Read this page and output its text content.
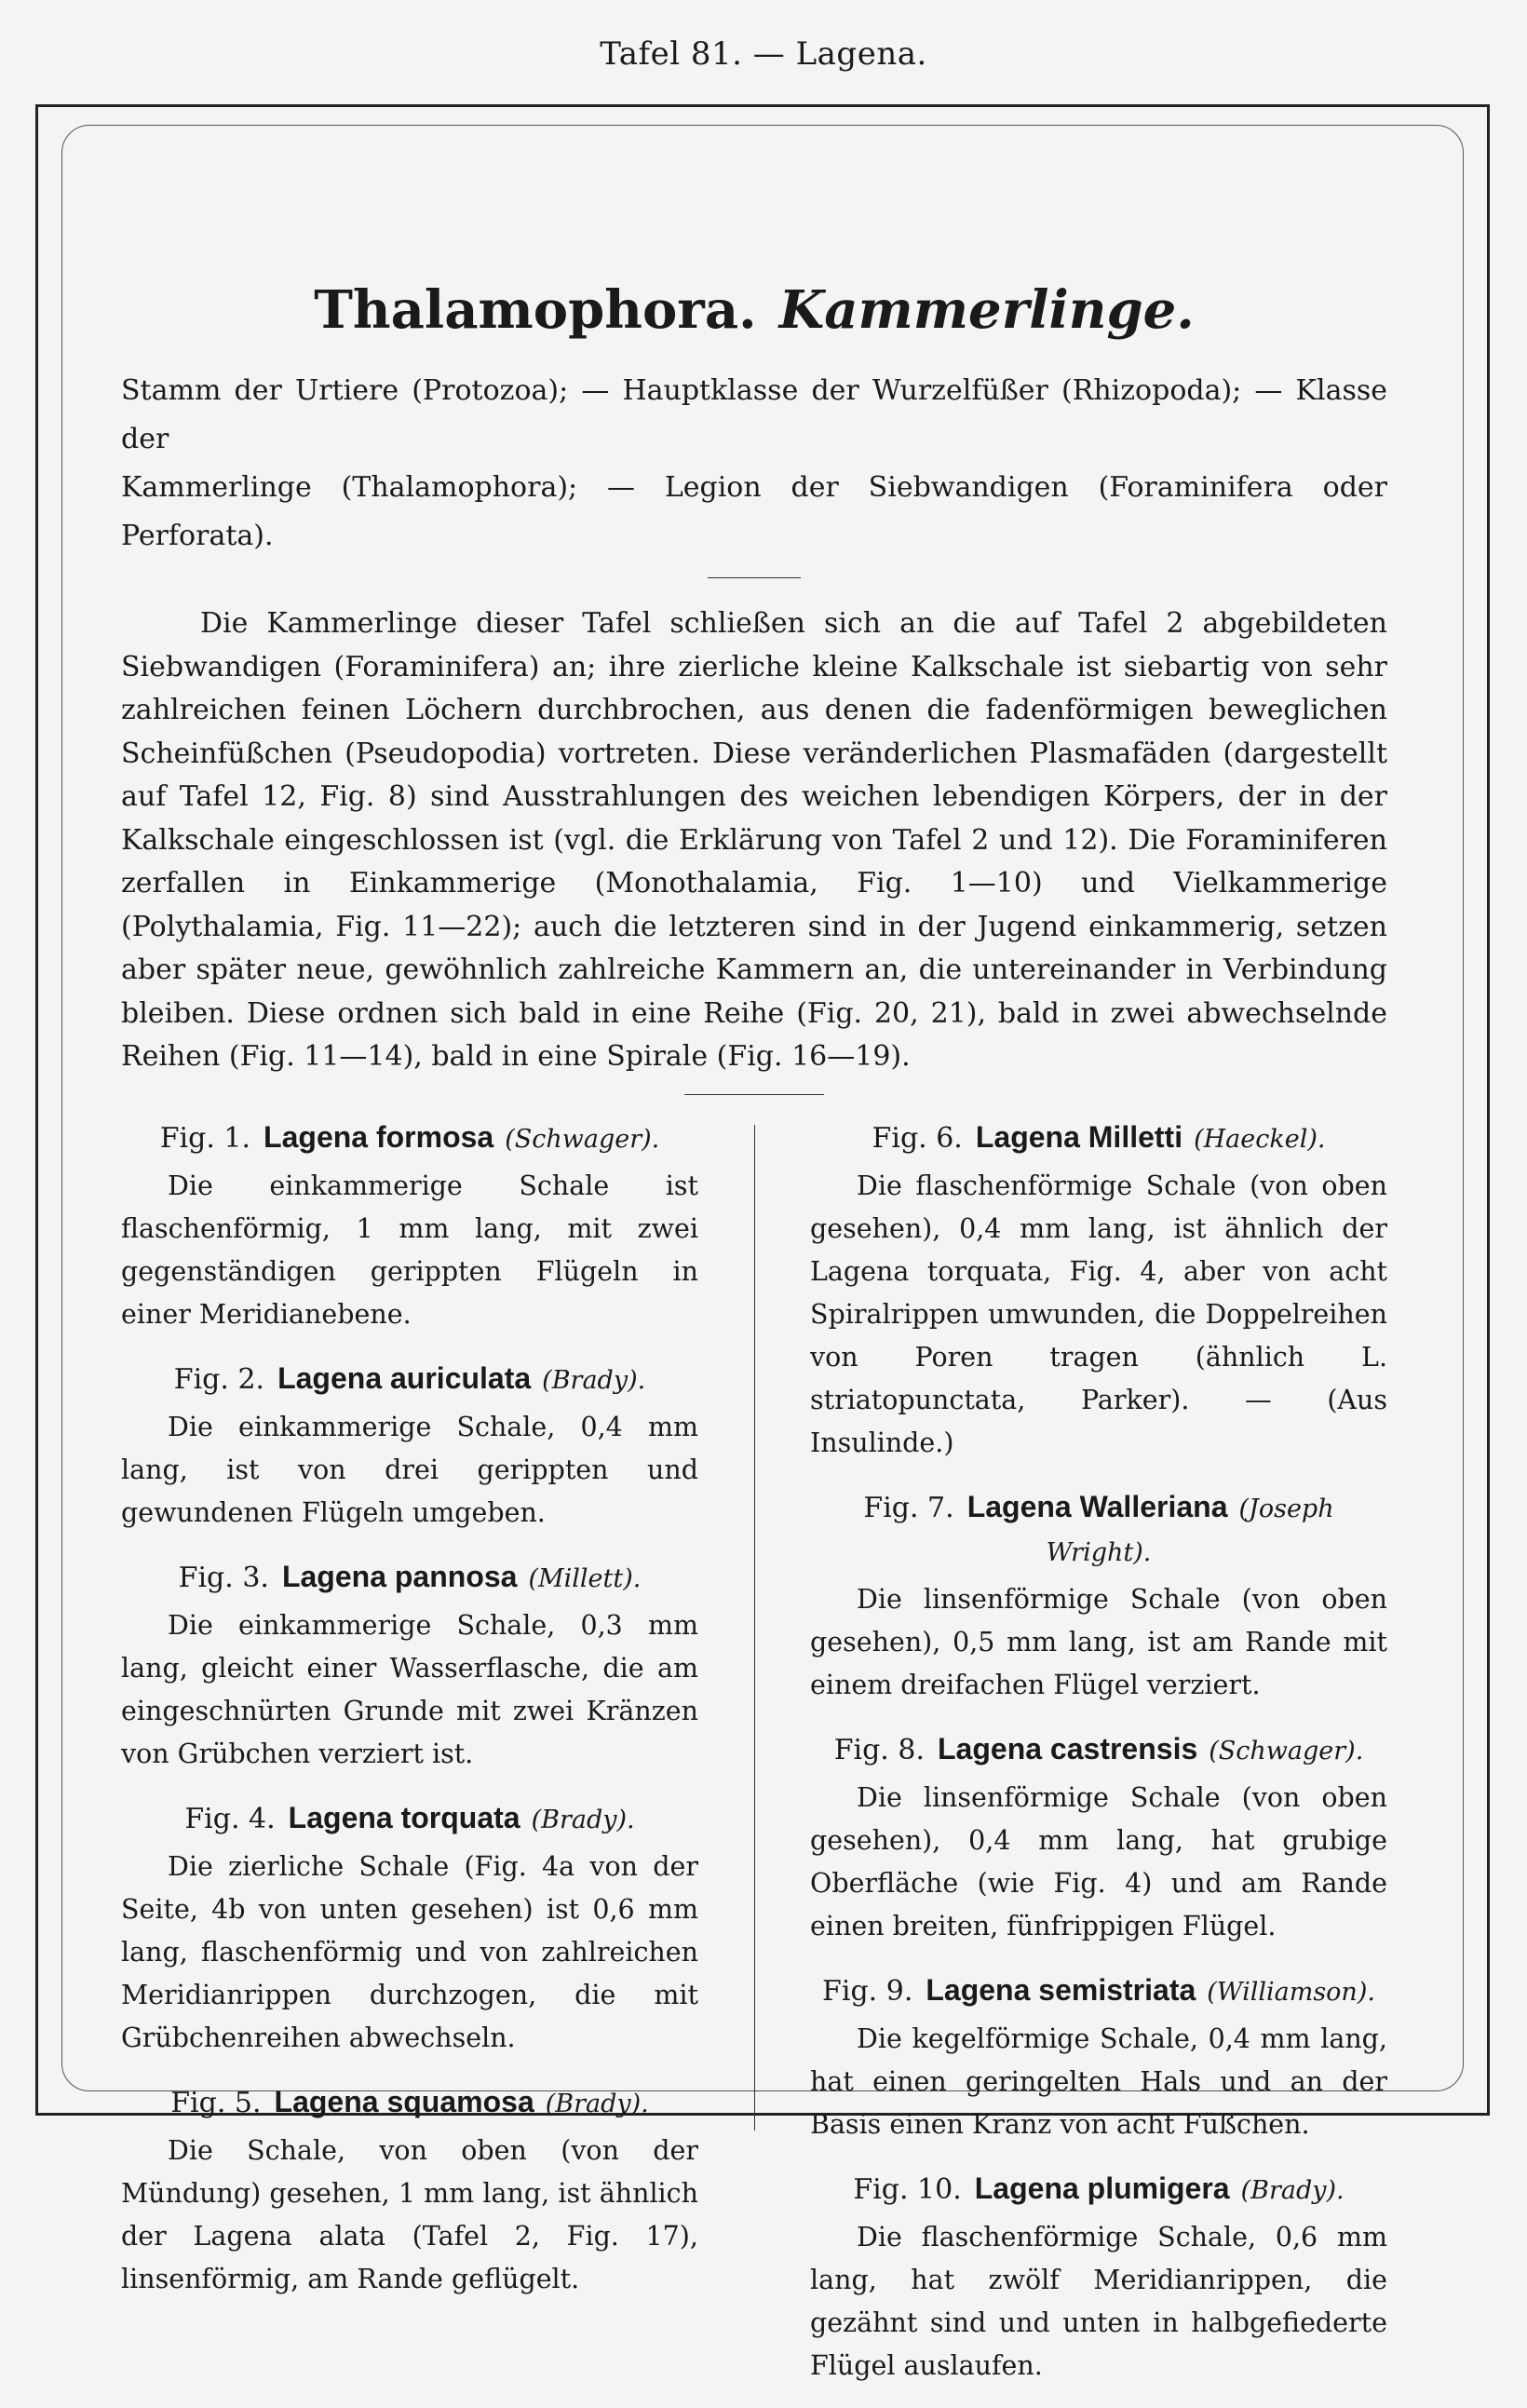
Tafel 81. — Lagena.
Thalamophora. Kammerlinge.
Stamm der Urtiere (Protozoa); — Hauptklasse der Wurzelfüßer (Rhizopoda); — Klasse der
Kammerlinge (Thalamophora); — Legion der Siebwandigen (Foraminifera oder Perforata).

Die Kammerlinge dieser Tafel schließen sich an die auf Tafel 2 abgebildeten Siebwandigen (Foraminifera) an; ihre zierliche kleine Kalkschale ist siebartig von sehr zahlreichen feinen Löchern durchbrochen, aus denen die fadenförmigen beweglichen Scheinfüßchen (Pseudopodia) vortreten. Diese veränderlichen Plasmafäden (dargestellt auf Tafel 12, Fig. 8) sind Ausstrahlungen des weichen lebendigen Körpers, der in der Kalkschale eingeschlossen ist (vgl. die Erklärung von Tafel 2 und 12). Die Foraminiferen zerfallen in Einkammerige (Monothalamia, Fig. 1—10) und Vielkammerige (Polythalamia, Fig. 11—22); auch die letzteren sind in der Jugend einkammerig, setzen aber später neue, gewöhnlich zahlreiche Kammern an, die untereinander in Verbindung bleiben. Diese ordnen sich bald in eine Reihe (Fig. 20, 21), bald in zwei abwechselnde Reihen (Fig. 11—14), bald in eine Spirale (Fig. 16—19).

Fig. 1. Lagena formosa (Schwager).

Die einkammerige Schale ist flaschenförmig, 1 mm lang, mit zwei gegenständigen gerippten Flügeln in einer Meridianebene.

Fig. 2. Lagena auriculata (Brady).

Die einkammerige Schale, 0,4 mm lang, ist von drei gerippten und gewundenen Flügeln umgeben.

Fig. 3. Lagena pannosa (Millett).

Die einkammerige Schale, 0,3 mm lang, gleicht einer Wasserflasche, die am eingeschnürten Grunde mit zwei Kränzen von Grübchen verziert ist.

Fig. 4. Lagena torquata (Brady).

Die zierliche Schale (Fig. 4a von der Seite, 4b von unten gesehen) ist 0,6 mm lang, flaschenförmig und von zahlreichen Meridianrippen durchzogen, die mit Grübchenreihen abwechseln.

Fig. 5. Lagena squamosa (Brady).

Die Schale, von oben (von der Mündung) gesehen, 1 mm lang, ist ähnlich der Lagena alata (Tafel 2, Fig. 17), linsenförmig, am Rande geflügelt.

Fig. 6. Lagena Milletti (Haeckel).

Die flaschenförmige Schale (von oben gesehen), 0,4 mm lang, ist ähnlich der Lagena torquata, Fig. 4, aber von acht Spiralrippen umwunden, die Doppelreihen von Poren tragen (ähnlich L. striatopunctata, Parker). — (Aus Insulinde.)

Fig. 7. Lagena Walleriana (Joseph Wright).

Die linsenförmige Schale (von oben gesehen), 0,5 mm lang, ist am Rande mit einem dreifachen Flügel verziert.

Fig. 8. Lagena castrensis (Schwager).

Die linsenförmige Schale (von oben gesehen), 0,4 mm lang, hat grubige Oberfläche (wie Fig. 4) und am Rande einen breiten, fünfrippigen Flügel.

Fig. 9. Lagena semistriata (Williamson).

Die kegelförmige Schale, 0,4 mm lang, hat einen geringelten Hals und an der Basis einen Kranz von acht Füßchen.

Fig. 10. Lagena plumigera (Brady).

Die flaschenförmige Schale, 0,6 mm lang, hat zwölf Meridianrippen, die gezähnt sind und unten in halbgefiederte Flügel auslaufen.
